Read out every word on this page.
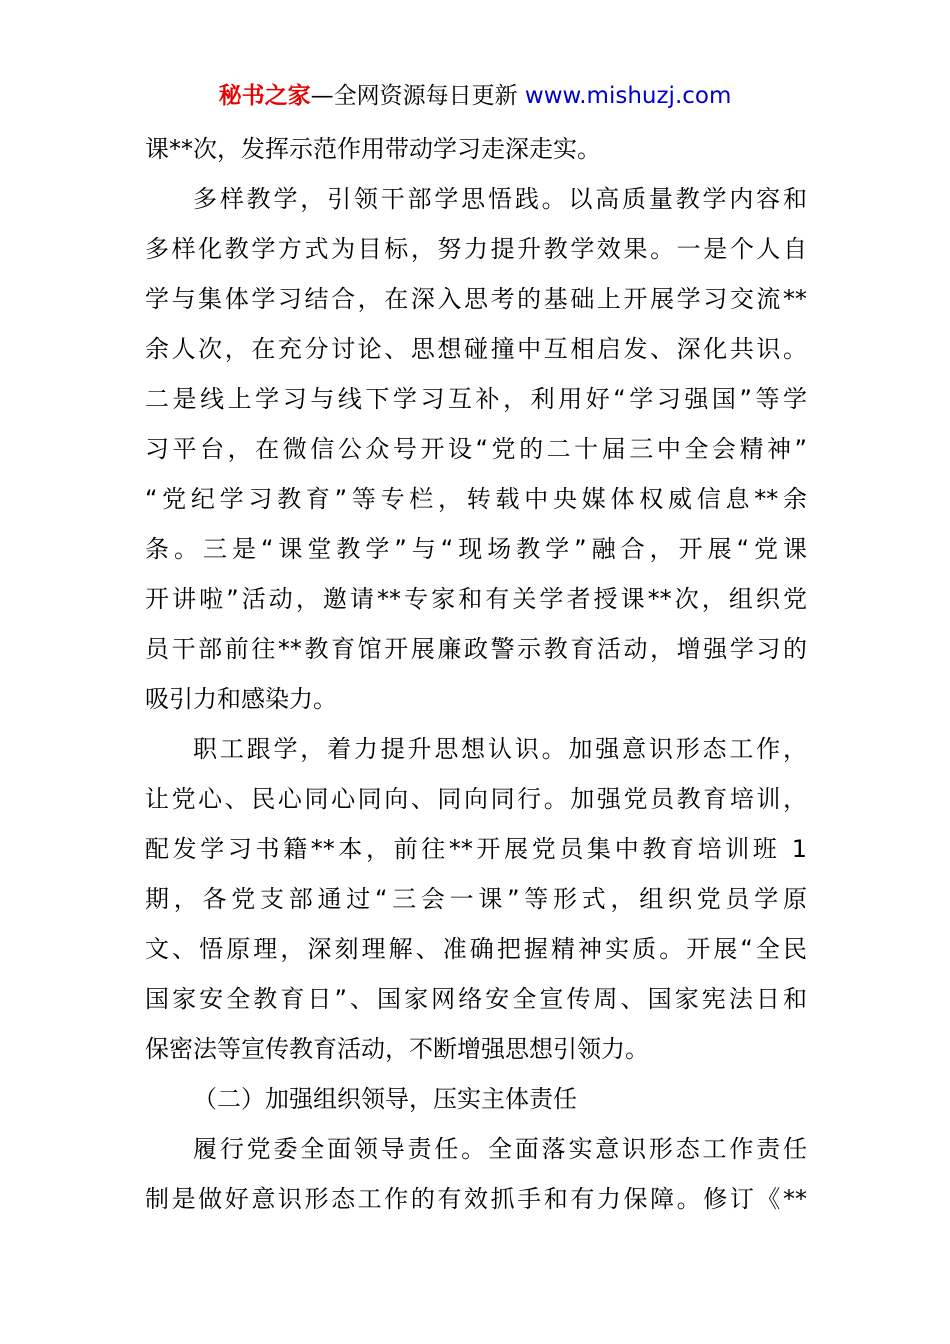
秘书之家—全网资源每日更新 www.mishuzj.com
课**次，发挥示范作用带动学习走深走实。
多样教学，引领干部学思悟践。以高质量教学内容和
多样化教学方式为目标，努力提升教学效果。一是个人自
学与集体学习结合，在深入思考的基础上开展学习交流**
余人次，在充分讨论、思想碰撞中互相启发、深化共识。
二是线上学习与线下学习互补，利用好“学习强国”等学
习平台，在微信公众号开设“党的二十届三中全会精神”
“党纪学习教育”等专栏，转载中央媒体权威信息**余
条。三是“课堂教学”与“现场教学”融合，开展“党课
开讲啦”活动，邀请**专家和有关学者授课**次，组织党
员干部前往**教育馆开展廉政警示教育活动，增强学习的
吸引力和感染力。
职工跟学，着力提升思想认识。加强意识形态工作，
让党心、民心同心同向、同向同行。加强党员教育培训，
配发学习书籍**本，前往**开展党员集中教育培训班 1
期，各党支部通过“三会一课”等形式，组织党员学原
文、悟原理，深刻理解、准确把握精神实质。开展“全民
国家安全教育日”、国家网络安全宣传周、国家宪法日和
保密法等宣传教育活动，不断增强思想引领力。
（二）加强组织领导，压实主体责任
履行党委全面领导责任。全面落实意识形态工作责任
制是做好意识形态工作的有效抓手和有力保障。修订《**
